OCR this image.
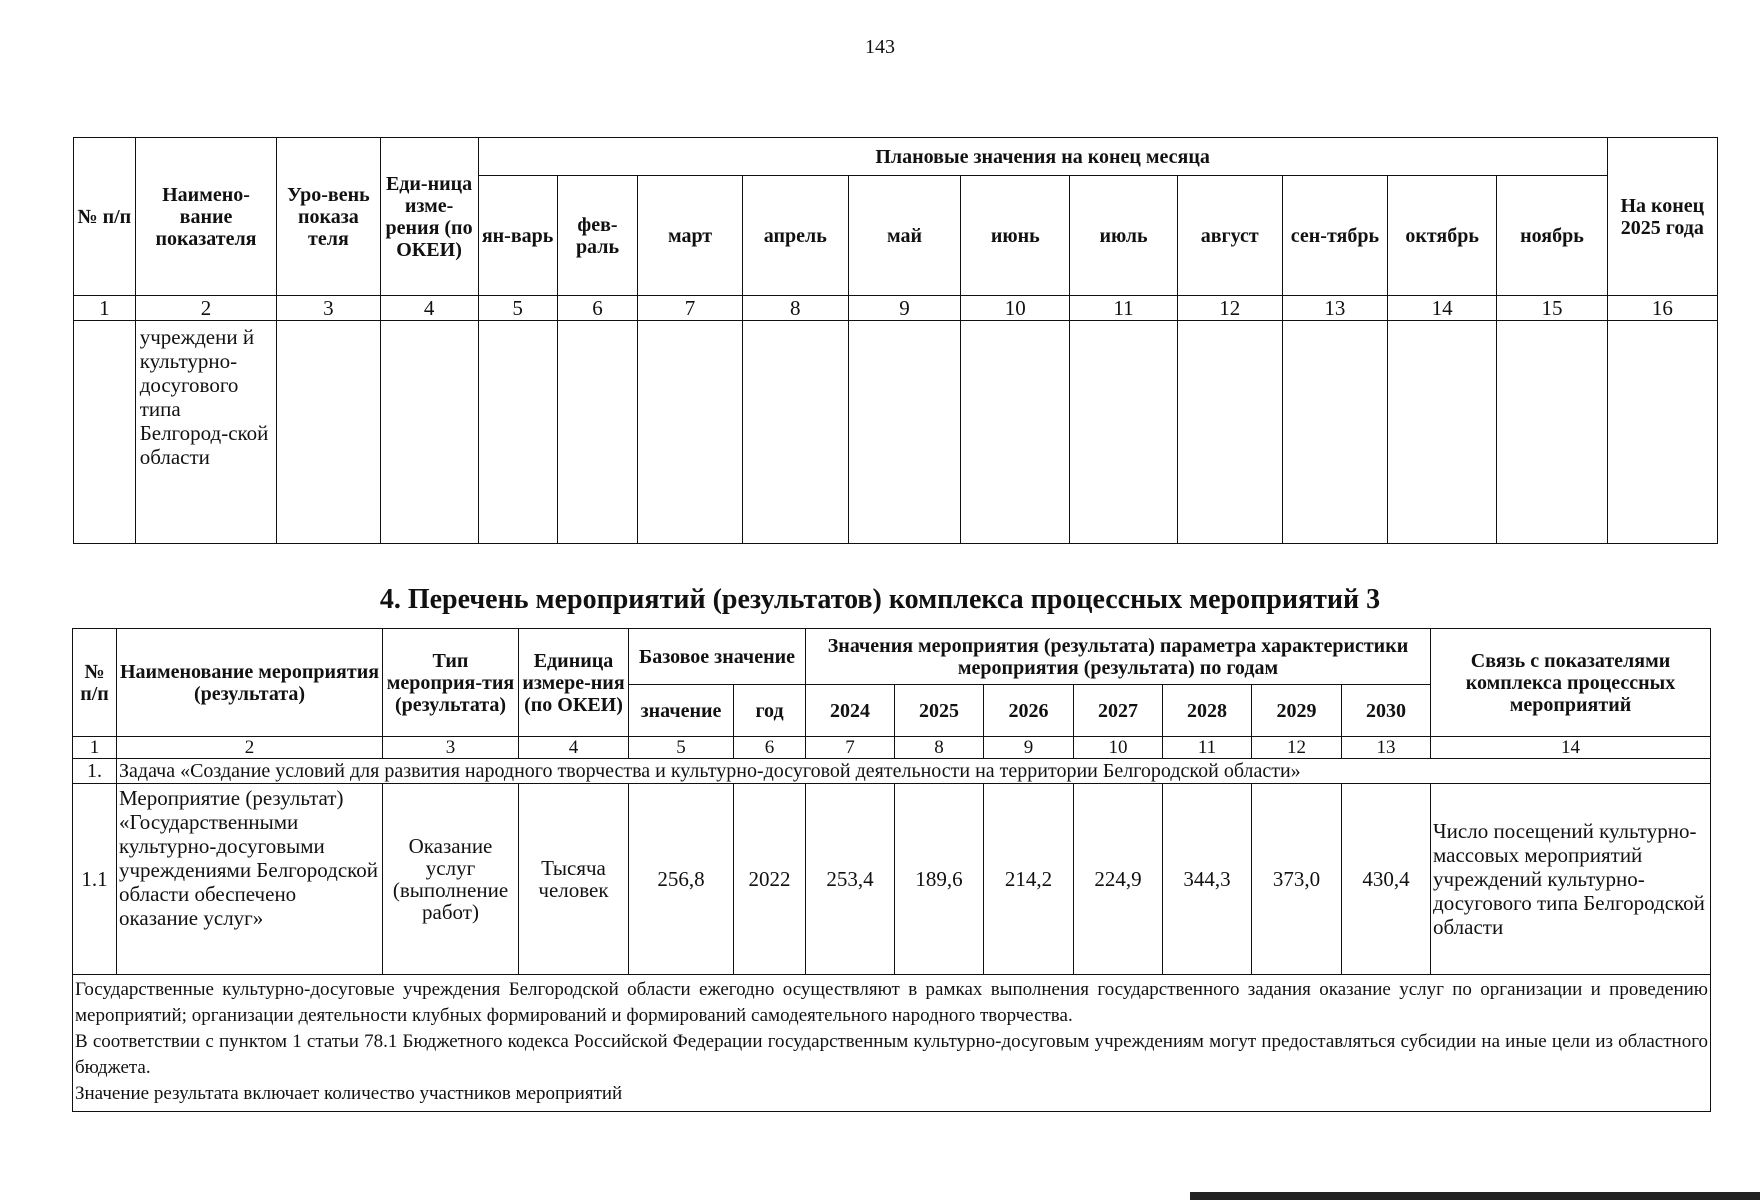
143
№ п/п	Наимено-вание показателя	Уро-вень показа теля	Еди-ница изме-рения (по ОКЕИ)	Плановые значения на конец месяца											На конец 2025 года
				ян-варь	фев-раль	март	апрель	май	июнь	июль	август	сен-тябрь	октябрь	ноябрь	
1	2	3	4	5	6	7	8	9	10	11	12	13	14	15	16
	учреждени й культурно-досугового типа Белгород-ской области														
4. Перечень мероприятий (результатов) комплекса процессных мероприятий 3
№ п/п	Наименование мероприятия (результата)	Тип мероприя-тия (результата)	Единица измере-ния (по ОКЕИ)	Базовое значение		Значения мероприятия (результата) параметра характеристики мероприятия (результата) по годам							Связь с показателями комплекса процессных мероприятий
				значение	год	2024	2025	2026	2027	2028	2029	2030	
1	2	3	4	5	6	7	8	9	10	11	12	13	14
1.	Задача «Создание условий для развития народного творчества и культурно-досуговой деятельности на территории Белгородской области»												
1.1	Мероприятие (результат) «Государственными культурно-досуговыми учреждениями Белгородской области обеспечено оказание услуг»	Оказание услуг (выполнение работ)	Тысяча человек	256,8	2022	253,4	189,6	214,2	224,9	344,3	373,0	430,4	Число посещений культурно-массовых мероприятий учреждений культурно-досугового типа Белгородской области

Государственные культурно-досуговые учреждения Белгородской области ежегодно осуществляют в рамках выполнения государственного задания оказание услуг по организации и проведению мероприятий; организации деятельности клубных формирований и формирований самодеятельного народного творчества.

В соответствии с пунктом 1 статьи 78.1 Бюджетного кодекса Российской Федерации государственным культурно-досуговым учреждениям могут предоставляться субсидии на иные цели из областного бюджета.

Значение результата включает количество участников мероприятий													
